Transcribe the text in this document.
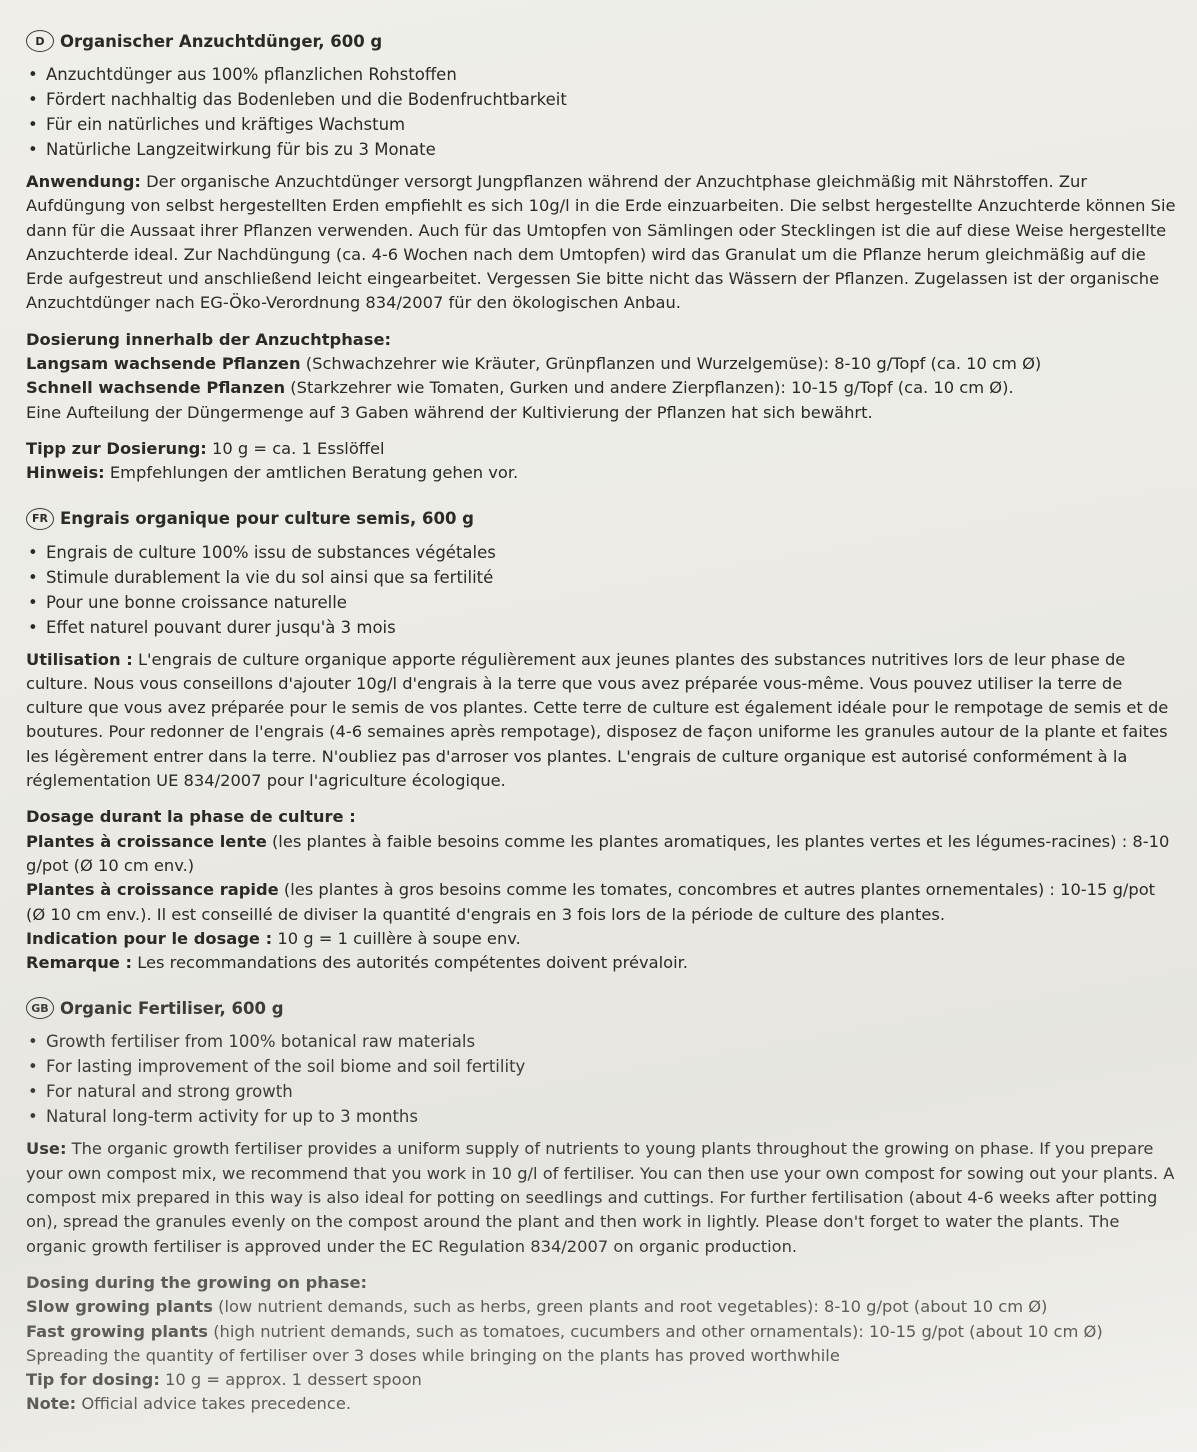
D Organischer Anzuchtdünger, 600 g
• Anzuchtdünger aus 100% pflanzlichen Rohstoffen
• Fördert nachhaltig das Bodenleben und die Bodenfruchtbarkeit
• Für ein natürliches und kräftiges Wachstum
• Natürliche Langzeitwirkung für bis zu 3 Monate

Anwendung: Der organische Anzuchtdünger versorgt Jungpflanzen während der Anzuchtphase gleichmäßig mit Nährstoffen. Zur Aufdüngung von selbst hergestellten Erden empfiehlt es sich 10g/l in die Erde einzuarbeiten. Die selbst hergestellte Anzuchterde können Sie dann für die Aussaat ihrer Pflanzen verwenden. Auch für das Umtopfen von Sämlingen oder Stecklingen ist die auf diese Weise hergestellte Anzuchterde ideal. Zur Nachdüngung (ca. 4-6 Wochen nach dem Umtopfen) wird das Granulat um die Pflanze herum gleichmäßig auf die Erde aufgestreut und anschließend leicht eingearbeitet. Vergessen Sie bitte nicht das Wässern der Pflanzen. Zugelassen ist der organische Anzuchtdünger nach EG-Öko-Verordnung 834/2007 für den ökologischen Anbau.

Dosierung innerhalb der Anzuchtphase:
Langsam wachsende Pflanzen (Schwachzehrer wie Kräuter, Grünpflanzen und Wurzelgemüse): 8-10 g/Topf (ca. 10 cm Ø)
Schnell wachsende Pflanzen (Starkzehrer wie Tomaten, Gurken und andere Zierpflanzen): 10-15 g/Topf (ca. 10 cm Ø).
Eine Aufteilung der Düngermenge auf 3 Gaben während der Kultivierung der Pflanzen hat sich bewährt.

Tipp zur Dosierung: 10 g = ca. 1 Esslöffel
Hinweis: Empfehlungen der amtlichen Beratung gehen vor.

FR Engrais organique pour culture semis, 600 g
• Engrais de culture 100% issu de substances végétales
• Stimule durablement la vie du sol ainsi que sa fertilité
• Pour une bonne croissance naturelle
• Effet naturel pouvant durer jusqu'à 3 mois

Utilisation : L'engrais de culture organique apporte régulièrement aux jeunes plantes des substances nutritives lors de leur phase de culture. Nous vous conseillons d'ajouter 10g/l d'engrais à la terre que vous avez préparée vous-même. Vous pouvez utiliser la terre de culture que vous avez préparée pour le semis de vos plantes. Cette terre de culture est également idéale pour le rempotage de semis et de boutures. Pour redonner de l'engrais (4-6 semaines après rempotage), disposez de façon uniforme les granules autour de la plante et faites les légèrement entrer dans la terre. N'oubliez pas d'arroser vos plantes. L'engrais de culture organique est autorisé conformément à la réglementation UE 834/2007 pour l'agriculture écologique.

Dosage durant la phase de culture :
Plantes à croissance lente (les plantes à faible besoins comme les plantes aromatiques, les plantes vertes et les légumes-racines) : 8-10 g/pot (Ø 10 cm env.)
Plantes à croissance rapide (les plantes à gros besoins comme les tomates, concombres et autres plantes ornementales) : 10-15 g/pot (Ø 10 cm env.). Il est conseillé de diviser la quantité d'engrais en 3 fois lors de la période de culture des plantes.
Indication pour le dosage : 10 g = 1 cuillère à soupe env.
Remarque : Les recommandations des autorités compétentes doivent prévaloir.

GB Organic Fertiliser, 600 g
• Growth fertiliser from 100% botanical raw materials
• For lasting improvement of the soil biome and soil fertility
• For natural and strong growth
• Natural long-term activity for up to 3 months

Use: The organic growth fertiliser provides a uniform supply of nutrients to young plants throughout the growing on phase. If you prepare your own compost mix, we recommend that you work in 10 g/l of fertiliser. You can then use your own compost for sowing out your plants. A compost mix prepared in this way is also ideal for potting on seedlings and cuttings. For further fertilisation (about 4-6 weeks after potting on), spread the granules evenly on the compost around the plant and then work in lightly. Please don't forget to water the plants. The organic growth fertiliser is approved under the EC Regulation 834/2007 on organic production.

Dosing during the growing on phase:
Slow growing plants (low nutrient demands, such as herbs, green plants and root vegetables): 8-10 g/pot (about 10 cm Ø)
Fast growing plants (high nutrient demands, such as tomatoes, cucumbers and other ornamentals): 10-15 g/pot (about 10 cm Ø) Spreading the quantity of fertiliser over 3 doses while bringing on the plants has proved worthwhile
Tip for dosing: 10 g = approx. 1 dessert spoon
Note: Official advice takes precedence.
